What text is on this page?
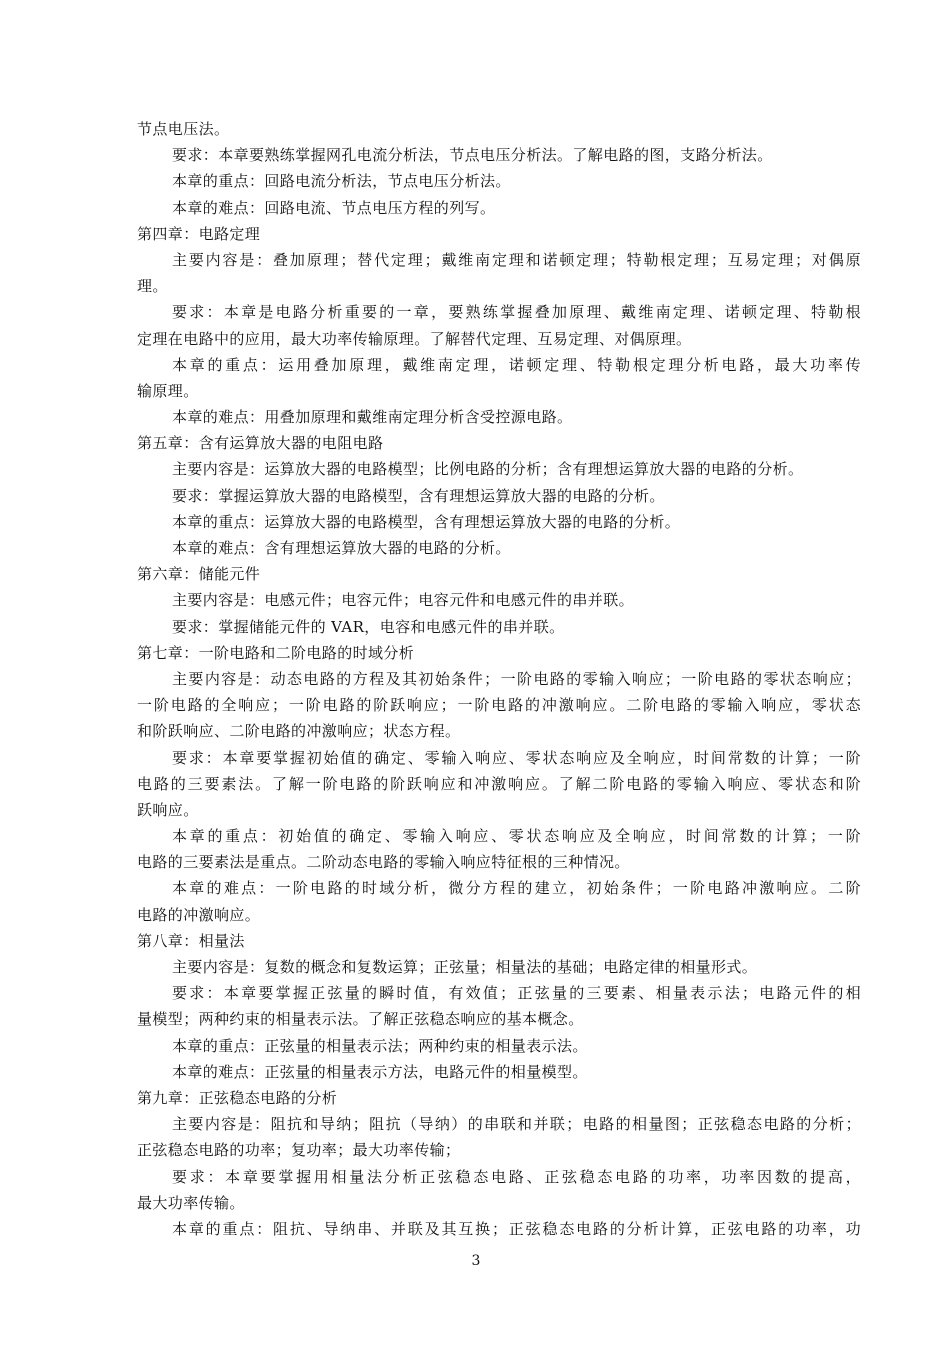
节点电压法。
要求：本章要熟练掌握网孔电流分析法，节点电压分析法。了解电路的图，支路分析法。
本章的重点：回路电流分析法，节点电压分析法。
本章的难点：回路电流、节点电压方程的列写。
第四章：电路定理
主要内容是：叠加原理；替代定理；戴维南定理和诺顿定理；特勒根定理；互易定理；对偶原
理。
要求：本章是电路分析重要的一章，要熟练掌握叠加原理、戴维南定理、诺顿定理、特勒根
定理在电路中的应用，最大功率传输原理。了解替代定理、互易定理、对偶原理。
本章的重点：运用叠加原理，戴维南定理，诺顿定理、特勒根定理分析电路，最大功率传
输原理。
本章的难点：用叠加原理和戴维南定理分析含受控源电路。
第五章：含有运算放大器的电阻电路
主要内容是：运算放大器的电路模型；比例电路的分析；含有理想运算放大器的电路的分析。
要求：掌握运算放大器的电路模型，含有理想运算放大器的电路的分析。
本章的重点：运算放大器的电路模型，含有理想运算放大器的电路的分析。
本章的难点：含有理想运算放大器的电路的分析。
第六章：储能元件
主要内容是：电感元件；电容元件；电容元件和电感元件的串并联。
要求：掌握储能元件的 VAR，电容和电感元件的串并联。
第七章：一阶电路和二阶电路的时域分析
主要内容是：动态电路的方程及其初始条件；一阶电路的零输入响应；一阶电路的零状态响应；
一阶电路的全响应；一阶电路的阶跃响应；一阶电路的冲激响应。二阶电路的零输入响应，零状态
和阶跃响应、二阶电路的冲激响应；状态方程。
要求：本章要掌握初始值的确定、零输入响应、零状态响应及全响应，时间常数的计算；一阶
电路的三要素法。了解一阶电路的阶跃响应和冲激响应。了解二阶电路的零输入响应、零状态和阶
跃响应。
本章的重点：初始值的确定、零输入响应、零状态响应及全响应，时间常数的计算；一阶
电路的三要素法是重点。二阶动态电路的零输入响应特征根的三种情况。
本章的难点：一阶电路的时域分析，微分方程的建立，初始条件；一阶电路冲激响应。二阶
电路的冲激响应。
第八章：相量法
主要内容是：复数的概念和复数运算；正弦量；相量法的基础；电路定律的相量形式。
要求：本章要掌握正弦量的瞬时值，有效值；正弦量的三要素、相量表示法；电路元件的相
量模型；两种约束的相量表示法。了解正弦稳态响应的基本概念。
本章的重点：正弦量的相量表示法；两种约束的相量表示法。
本章的难点：正弦量的相量表示方法，电路元件的相量模型。
第九章：正弦稳态电路的分析
主要内容是：阻抗和导纳；阻抗（导纳）的串联和并联；电路的相量图；正弦稳态电路的分析；
正弦稳态电路的功率；复功率；最大功率传输；
要求：本章要掌握用相量法分析正弦稳态电路、正弦稳态电路的功率，功率因数的提高，
最大功率传输。
本章的重点：阻抗、导纳串、并联及其互换；正弦稳态电路的分析计算，正弦电路的功率，功
3
